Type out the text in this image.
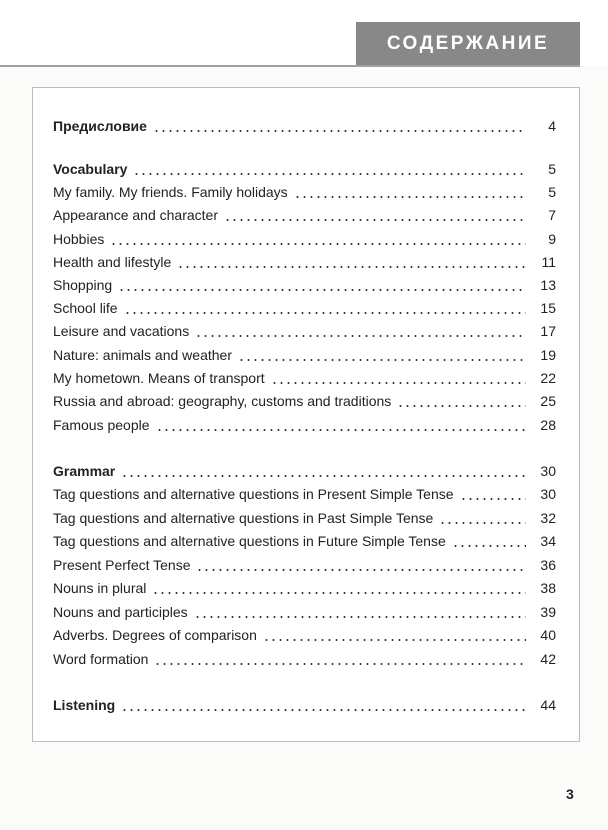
СОДЕРЖАНИЕ
Предисловие	4
Vocabulary	5
My family. My friends. Family holidays	5
Appearance and character	7
Hobbies	9
Health and lifestyle	11
Shopping	13
School life	15
Leisure and vacations	17
Nature: animals and weather	19
My hometown. Means of transport	22
Russia and abroad: geography, customs and traditions	25
Famous people	28
Grammar	30
Tag questions and alternative questions in Present Simple Tense	30
Tag questions and alternative questions in Past Simple Tense	32
Tag questions and alternative questions in Future Simple Tense	34
Present Perfect Tense	36
Nouns in plural	38
Nouns and participles	39
Adverbs. Degrees of comparison	40
Word formation	42
Listening	44
3
